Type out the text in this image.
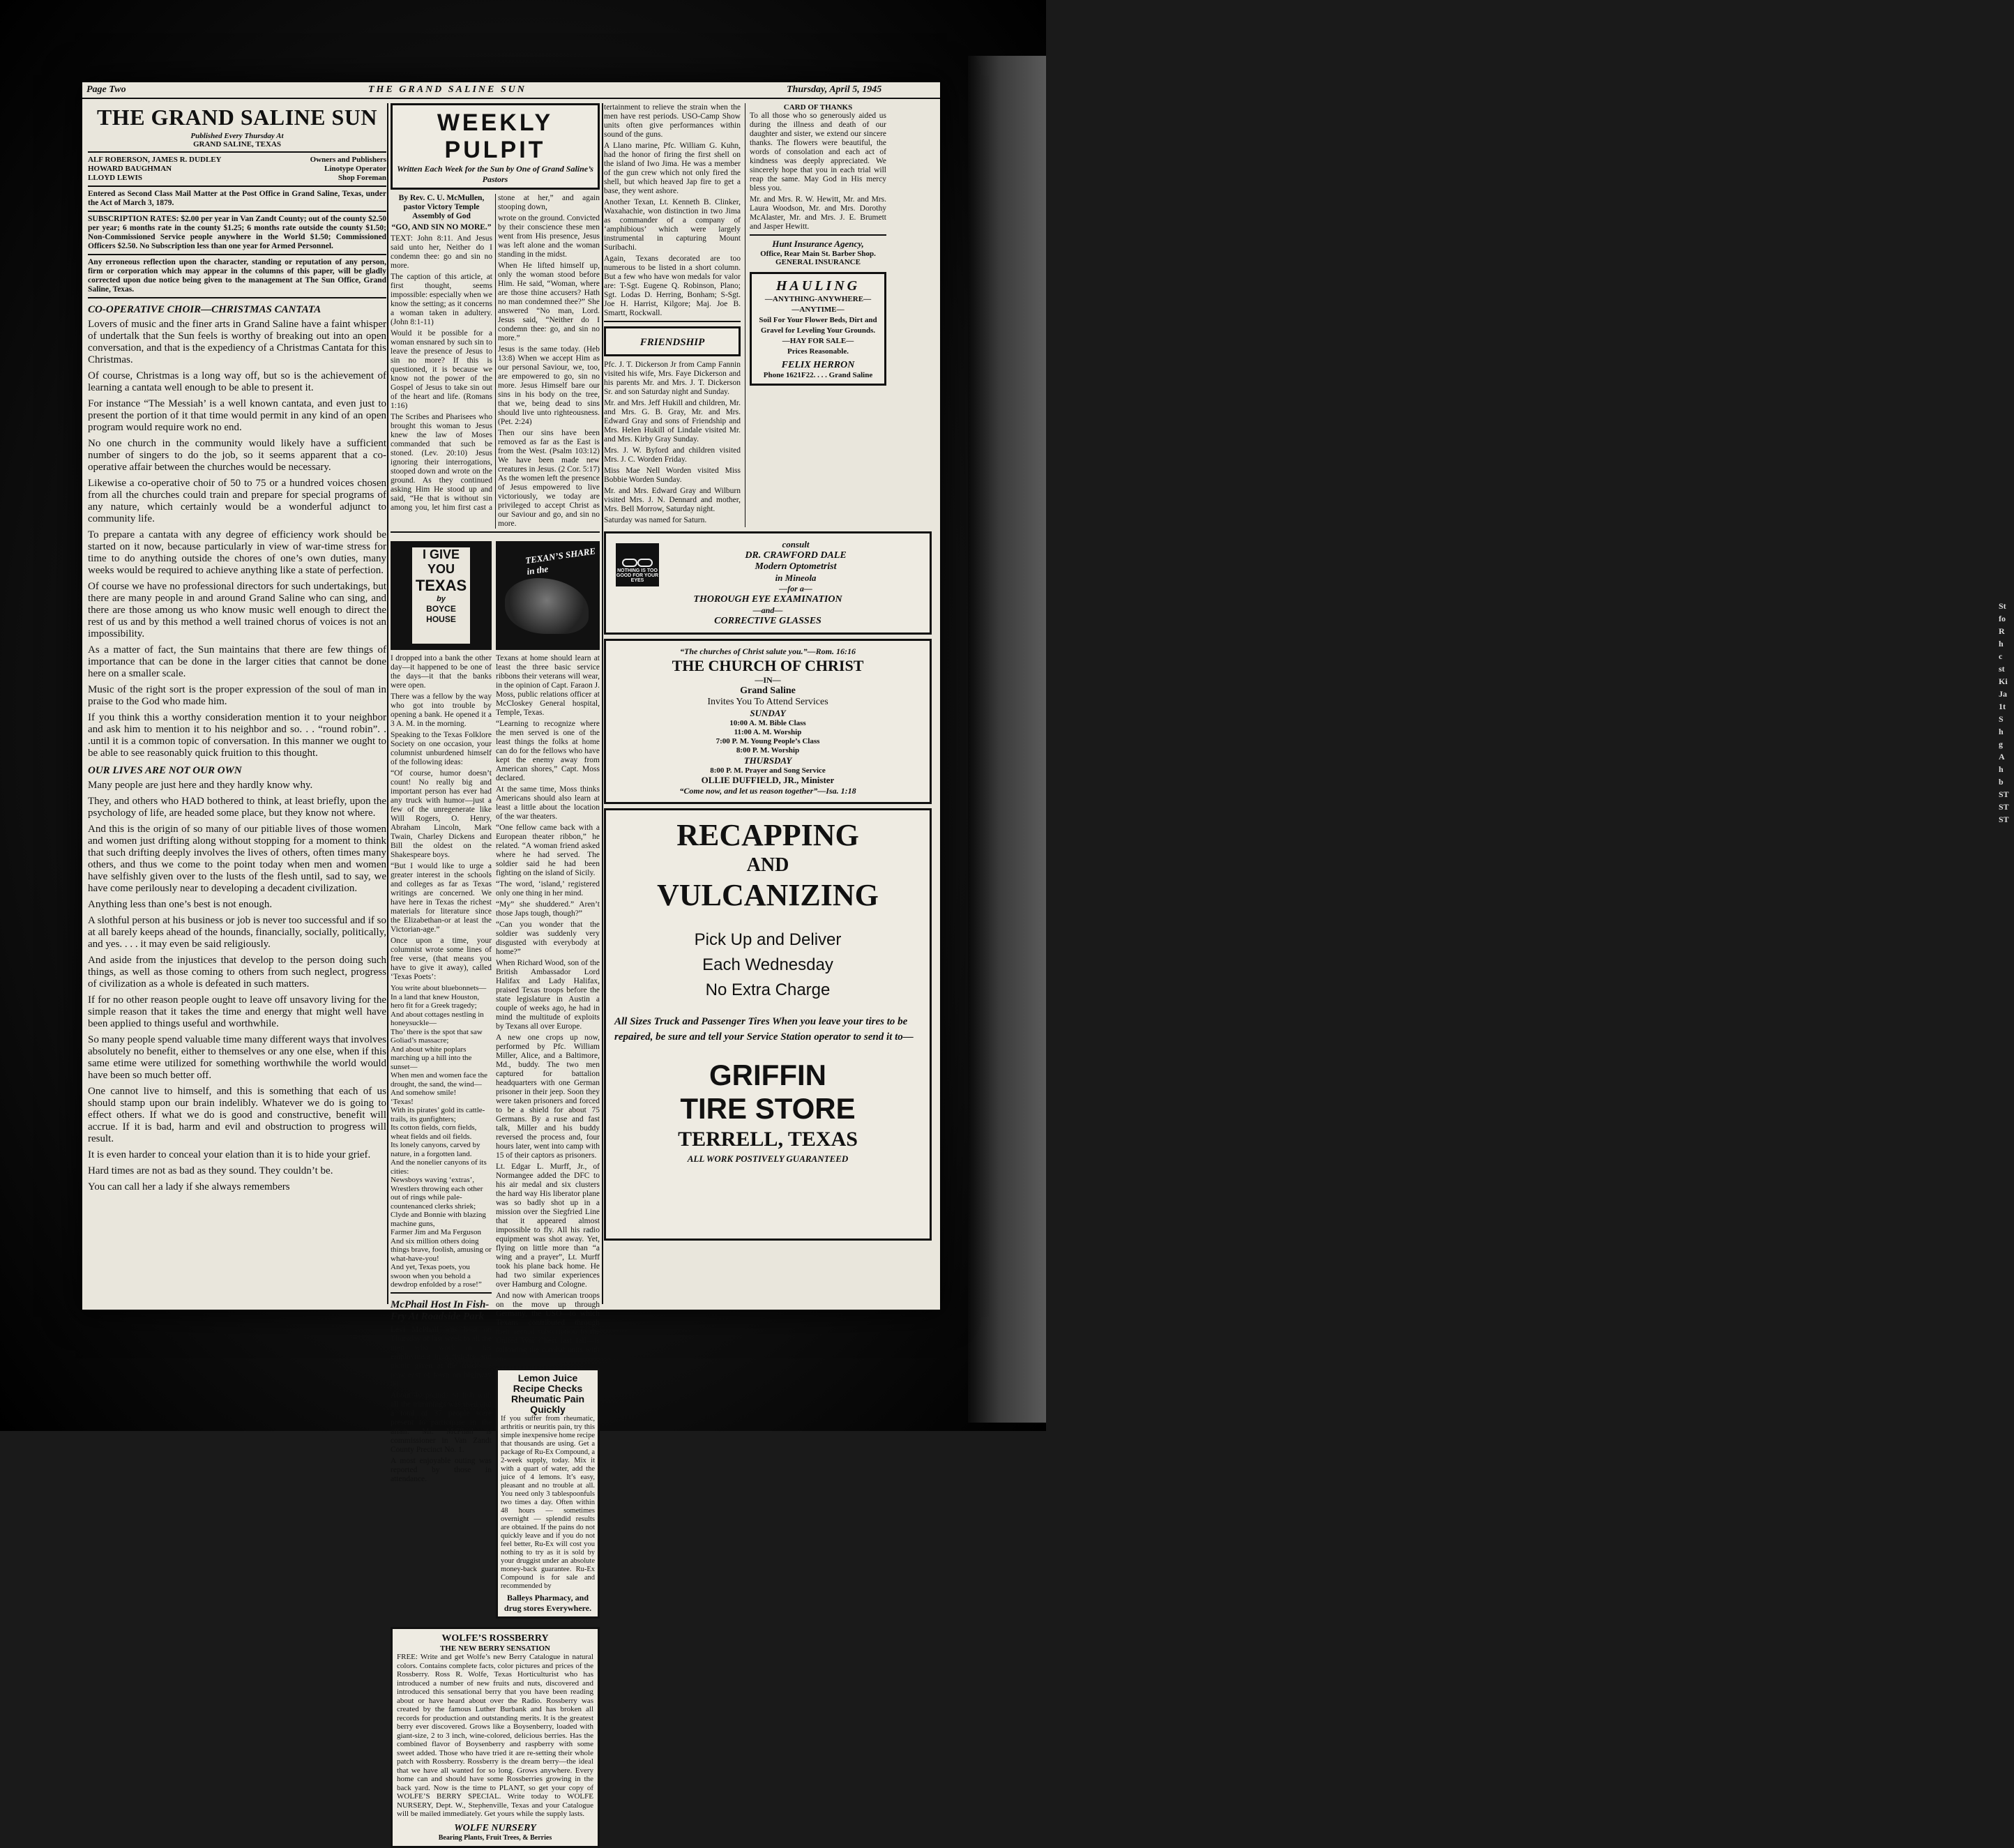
St
fo
R
h
c
st
Ki
Ja
1t
S
h
g
A
h
b
ST
ST
ST
Page Two	THE GRAND SALINE SUN	Thursday, April 5, 1945
THE GRAND SALINE SUN
Published Every Thursday At
GRAND SALINE, TEXAS
ALF ROBERSON, JAMES R. DUDLEY	Owners and Publishers
HOWARD BAUGHMAN	Linotype Operator
LLOYD LEWIS	Shop Foreman

Entered as Second Class Mail Matter at the Post Office in Grand Saline, Texas, under the Act of March 3, 1879.

SUBSCRIPTION RATES: $2.00 per year in Van Zandt County; out of the county $2.50 per year; 6 months rate in the county $1.25; 6 months rate outside the county $1.50; Non-Commissioned Service people anywhere in the World $1.50; Commissioned Officers $2.50. No Subscription less than one year for Armed Personnel.

Any erroneous reflection upon the character, standing or reputation of any person, firm or corporation which may appear in the columns of this paper, will be gladly corrected upon due notice being given to the management at The Sun Office, Grand Saline, Texas.

CO-OPERATIVE CHOIR—CHRISTMAS CANTATA

Lovers of music and the finer arts in Grand Saline have a faint whisper of undertalk that the Sun feels is worthy of breaking out into an open conversation, and that is the expediency of a Christmas Cantata for this Christmas.

Of course, Christmas is a long way off, but so is the achievement of learning a cantata well enough to be able to present it.

For instance “The Messiah’ is a well known cantata, and even just to present the portion of it that time would permit in any kind of an open program would require work no end.

No one church in the community would likely have a sufficient number of singers to do the job, so it seems apparent that a co-operative affair between the churches would be necessary.

Likewise a co-operative choir of 50 to 75 or a hundred voices chosen from all the churches could train and prepare for special programs of any nature, which certainly would be a wonderful adjunct to community life.

To prepare a cantata with any degree of efficiency work should be started on it now, because particularly in view of war-time stress for time to do anything outside the chores of one’s own duties, many weeks would be required to achieve anything like a state of perfection.

Of course we have no professional directors for such undertakings, but there are many people in and around Grand Saline who can sing, and there are those among us who know music well enough to direct the rest of us and by this method a well trained chorus of voices is not an impossibility.

As a matter of fact, the Sun maintains that there are few things of importance that can be done in the larger cities that cannot be done here on a smaller scale.

Music of the right sort is the proper expression of the soul of man in praise to the God who made him.

If you think this a worthy consideration mention it to your neighbor and ask him to mention it to his neighbor and so. . . “round robin”. . .until it is a common topic of conversation. In this manner we ought to be able to see reasonably quick fruition to this thought.

OUR LIVES ARE NOT OUR OWN

Many people are just here and they hardly know why.

They, and others who HAD bothered to think, at least briefly, upon the psychology of life, are headed some place, but they know not where.

And this is the origin of so many of our pitiable lives of those women and women just drifting along without stopping for a moment to think that such drifting deeply involves the lives of others, often times many others, and thus we come to the point today when men and women have selfishly given over to the lusts of the flesh until, sad to say, we have come perilously near to developing a decadent civilization.

Anything less than one’s best is not enough.

A slothful person at his business or job is never too successful and if so at all barely keeps ahead of the hounds, financially, socially, politically, and yes. . . . it may even be said religiously.

And aside from the injustices that develop to the person doing such things, as well as those coming to others from such neglect, progress of civilization as a whole is defeated in such matters.

If for no other reason people ought to leave off unsavory living for the simple reason that it takes the time and energy that might well have been applied to things useful and worthwhile.

So many people spend valuable time many different ways that involves absolutely no benefit, either to themselves or any one else, when if this same etime were utilized for something worthwhile the world would have been so much better off.

One cannot live to himself, and this is something that each of us should stamp upon our brain indelibly. Whatever we do is going to effect others. If what we do is good and constructive, benefit will accrue. If it is bad, harm and evil and obstruction to progress will result.

It is even harder to conceal your elation than it is to hide your grief.

Hard times are not as bad as they sound. They couldn’t be.

You can call her a lady if she always remembers

WEEKLY PULPIT
Written Each Week for the Sun by One of Grand Saline’s Pastors

By Rev. C. U. McMullen, pastor Victory Temple Assembly of God

“GO, AND SIN NO MORE.”

TEXT: John 8:11. And Jesus said unto her, Neither do I condemn thee: go and sin no more.

The caption of this article, at first thought, seems impossible: especially when we know the setting; as it concerns a woman taken in adultery. (John 8:1-11)

Would it be possible for a woman ensnared by such sin to leave the presence of Jesus to sin no more? If this is questioned, it is because we know not the power of the Gospel of Jesus to take sin out of the heart and life. (Romans 1:16)

The Scribes and Pharisees who brought this woman to Jesus knew the law of Moses commanded that such be stoned. (Lev. 20:10) Jesus ignoring their interrogations, stooped down and wrote on the ground. As they continued asking Him He stood up and said, “He that is without sin among you, let him first cast a stone at her,” and again stooping down,

wrote on the ground. Convicted by their conscience these men went from His presence, Jesus was left alone and the woman standing in the midst.

When He lifted himself up, only the woman stood before Him. He said, “Woman, where are those thine accusers? Hath no man condemned thee?” She answered “No man, Lord. Jesus said, “Neither do I condemn thee: go, and sin no more.”

Jesus is the same today. (Heb 13:8) When we accept Him as our personal Saviour, we, too, are empowered to go, sin no more. Jesus Himself bare our sins in his body on the tree, that we, being dead to sins should live unto righteousness. (Pet. 2:24)

Then our sins have been removed as far as the East is from the West. (Psalm 103:12) We have been made new creatures in Jesus. (2 Cor. 5:17) As the women left the presence of Jesus empowered to live victoriously, we today are privileged to accept Christ as our Saviour and go, and sin no more.

I GIVE
YOU
TEXAS
by
BOYCE
HOUSE

I dropped into a bank the other day—it happened to be one of the days—it that the banks were open.

There was a fellow by the way who got into trouble by opening a bank. He opened it a 3 A. M. in the morning.

Speaking to the Texas Folklore Society on one occasion, your columnist unburdened himself of the following ideas:

“Of course, humor doesn’t count! No really big and important person has ever had any truck with humor—just a few of the unregenerate like Will Rogers, O. Henry, Abraham Lincoln, Mark Twain, Charley Dickens and Bill the oldest on the Shakespeare boys.

“But I would like to urge a greater interest in the schools and colleges as far as Texas writings are concerned. We have here in Texas the richest materials for literature since the Elizabethan-or at least the Victorian-age.”

Once upon a time, your columnist wrote some lines of free verse, (that means you have to give it away), called ‘Texas Poets’:

You write about bluebonnets—
In a land that knew Houston, hero fit for a Greek tragedy;
And about cottages nestling in honeysuckle—
Tho’ there is the spot that saw Goliad’s massacre;
And about white poplars marching up a hill into the sunset—
When men and women face the drought, the sand, the wind—
And somehow smile!
‘Texas!
With its pirates’ gold its cattle-trails, its gunfighters;
Its cotton fields, corn fields, wheat fields and oil fields.
Its lonely canyons, carved by nature, in a forgotten land.
And the nonelier canyons of its cities:
Newsboys waving ‘extras’,
Wrestlers throwing each other out of rings while pale-countenanced clerks shriek;
Clyde and Bonnie with blazing machine guns,
Farmer Jim and Ma Ferguson
And six million others doing things brave, foolish, amusing or what-have-you!
And yet, Texas poets, you swoon when you behold a dewdrop enfolded by a rose!”
McPhail Host In Fish-Fry At Roadside Park

Levi McPhail was host on Thursday of last week to all the men who work in his employment in a fish-fry and picnic given at the road-side park east of town on highway 80.

About 40 pounds of fish with all the trimmings was used and a total of 37 people were present to participate in the affair. Mr. McPhail is commissioner in Van Zandt County Precinct No. 1.

A most enjoyable outing was reported by those in attendance.

TEXAN’S SHARE in the

Texans at home should learn at least the three basic service ribbons their veterans will wear, in the opinion of Capt. Faraon J. Moss, public relations officer at McCloskey General hospital, Temple, Texas.

“Learning to recognize where the men served is one of the least things the folks at home can do for the fellows who have kept the enemy away from American shores,” Capt. Moss declared.

At the same time, Moss thinks Americans should also learn at least a little about the location of the war theaters.

“One fellow came back with a European theater ribbon,” he related. “A woman friend asked where he had served. The soldier said he had been fighting on the island of Sicily.

“The word, ‘island,’ registered only one thing in her mind.

“My” she shuddered.” Aren’t those Japs tough, though?”

“Can you wonder that the soldier was suddenly very disgusted with everybody at home?”

When Richard Wood, son of the British Ambassador Lord Halifax and Lady Halifax, praised Texas troops before the state legislature in Austin a couple of weeks ago, he had in mind the multitude of exploits by Texans all over Europe.

A new one crops up now, performed by Pfc. William Miller, Alice, and a Baltimore, Md., buddy. The two men captured for battalion headquarters with one German prisoner in their jeep. Soon they were taken prisoners and forced to be a shield for about 75 Germans. By a ruse and fast talk, Miller and his buddy reversed the process and, four hours later, went into camp with 15 of their captors as prisoners.

Lt. Edgar L. Murff, Jr., of Normangee added the DFC to his air medal and six clusters the hard way His liberator plane was so badly shot up in a mission over the Siegfried Line that it appeared almost impossible to fly. All his radio equipment was shot away. Yet, flying on little more than “a wing and a prayer”, Lt. Murff took his plane back home. He had two similar experiences over Hamburg and Cologne.

And now with American troops on the move up through Germany, the USO—to which Texans contributed through their record subscription to the United War Chest last fall—is following the combat units with en-

Lemon Juice Recipe Checks Rheumatic Pain Quickly

If you suffer from rheumatic, arthritis or neuritis pain, try this simple inexpensive home recipe that thousands are using. Get a package of Ru-Ex Compound, a 2-week supply, today. Mix it with a quart of water, add the juice of 4 lemons. It’s easy, pleasant and no trouble at all. You need only 3 tablespoonfuls two times a day. Often within 48 hours — sometimes overnight — splendid results are obtained. If the pains do not quickly leave and if you do not feel better, Ru-Ex will cost you nothing to try as it is sold by your druggist under an absolute money-back guarantee. Ru-Ex Compound is for sale and recommended by

Balleys Pharmacy, and drug stores Everywhere.
WOLFE’S ROSSBERRY
THE NEW BERRY SENSATION

FREE: Write and get Wolfe’s new Berry Catalogue in natural colors. Contains complete facts, color pictures and prices of the Rossberry. Ross R. Wolfe, Texas Horticulturist who has introduced a number of new fruits and nuts, discovered and introduced this sensational berry that you have been reading about or have heard about over the Radio. Rossberry was created by the famous Luther Burbank and has broken all records for production and outstanding merits. It is the greatest berry ever discovered. Grows like a Boysenberry, loaded with giant-size, 2 to 3 inch, wine-colored, delicious berries. Has the combined flavor of Boysenberry and raspberry with some sweet added. Those who have tried it are re-setting their whole patch with Rossberry. Rossberry is the dream berry—the ideal that we have all wanted for so long. Grows anywhere. Every home can and should have some Rossberries growing in the back yard. Now is the time to PLANT, so get your copy of WOLFE’S BERRY SPECIAL. Write today to WOLFE NURSERY, Dept. W., Stephenville, Texas and your Catalogue will be mailed immediately. Get yours while the supply lasts.

WOLFE NURSERY
Bearing Plants, Fruit Trees, & Berries

tertainment to relieve the strain when the men have rest periods. USO-Camp Show units often give performances within sound of the guns.

A Llano marine, Pfc. William G. Kuhn, had the honor of firing the first shell on the island of Iwo Jima. He was a member of the gun crew which not only fired the shell, but which heaved Jap fire to get a base, they went ashore.

Another Texan, Lt. Kenneth B. Clinker, Waxahachie, won distinction in two Jima as commander of a company of ‘amphibious’ which were largely instrumental in capturing Mount Suribachi.

Again, Texans decorated are too numerous to be listed in a short column. But a few who have won medals for valor are: T-Sgt. Eugene Q. Robinson, Plano; Sgt. Lodas D. Herring, Bonham; S-Sgt. Joe H. Harrist, Kilgore; Maj. Joe B. Smartt, Rockwall.

FRIENDSHIP

Pfc. J. T. Dickerson Jr from Camp Fannin visited his wife, Mrs. Faye Dickerson and his parents Mr. and Mrs. J. T. Dickerson Sr. and son Saturday night and Sunday.

Mr. and Mrs. Jeff Hukill and children, Mr. and Mrs. G. B. Gray, Mr. and Mrs. Edward Gray and sons of Friendship and Mrs. Helen Hukill of Lindale visited Mr. and Mrs. Kirby Gray Sunday.

Mrs. J. W. Byford and children visited Mrs. J. C. Worden Friday.

Miss Mae Nell Worden visited Miss Bobbie Worden Sunday.

Mr. and Mrs. Edward Gray and Wilburn visited Mrs. J. N. Dennard and mother, Mrs. Bell Morrow, Saturday night.

Saturday was named for Saturn.

CARD OF THANKS

To all those who so generously aided us during the illness and death of our daughter and sister, we extend our sincere thanks. The flowers were beautiful, the words of consolation and each act of kindness was deeply appreciated. We sincerely hope that you in each trial will reap the same. May God in His mercy bless you.

Mr. and Mrs. R. W. Hewitt, Mr. and Mrs. Laura Woodson, Mr. and Mrs. Dorothy McAlaster, Mr. and Mrs. J. E. Brumett and Jasper Hewitt.

Hunt Insurance Agency,
Office, Rear Main St. Barber Shop.
GENERAL INSURANCE
HAULING
—ANYTHING-ANYWHERE—
—ANYTIME—
Soil For Your Flower Beds, Dirt and Gravel for Leveling Your Grounds.
—HAY FOR SALE—
Prices Reasonable.
FELIX HERRON
Phone 1621F22. . . . Grand Saline
NOTHING IS TOO GOOD FOR YOUR EYES
consult
DR. CRAWFORD DALE
Modern Optometrist
in Mineola
—for a—
THOROUGH EYE EXAMINATION
—and—
CORRECTIVE GLASSES
“The churches of Christ salute you.”—Rom. 16:16
THE CHURCH OF CHRIST
—IN—
Grand Saline
Invites You To Attend Services
SUNDAY
10:00 A. M. Bible Class
11:00 A. M. Worship
7:00 P. M. Young People’s Class
8:00 P. M. Worship
THURSDAY
8:00 P. M. Prayer and Song Service
OLLIE DUFFIELD, JR., Minister
“Come now, and let us reason together”—Isa. 1:18
RECAPPING
AND
VULCANIZING
Pick Up and Deliver
Each Wednesday
No Extra Charge

All Sizes Truck and Passenger Tires When you leave your tires to be repaired, be sure and tell your Service Station operator to send it to—

GRIFFIN
TIRE STORE
TERRELL, TEXAS
ALL WORK POSTIVELY GUARANTEED
